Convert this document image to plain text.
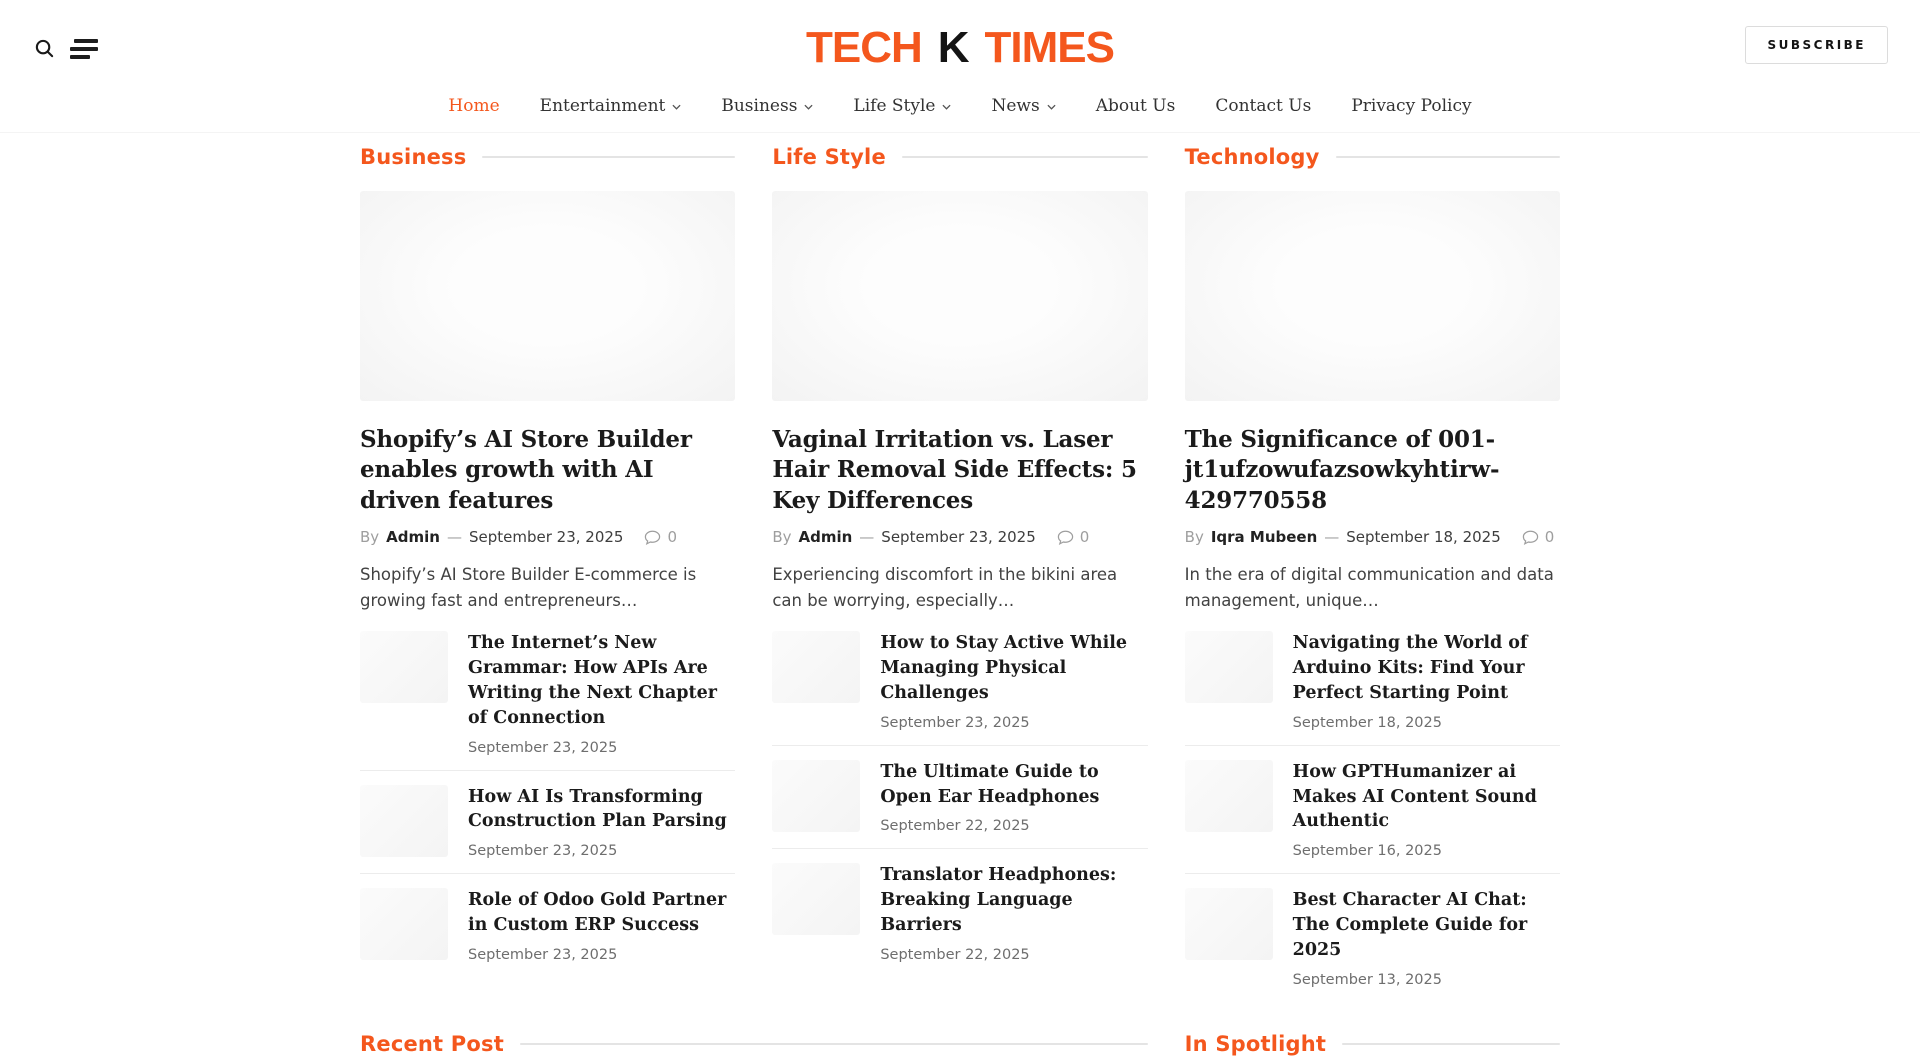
TECH K TIMES	SUBSCRIBE
Home Entertainment	Business	Life Style	News	About Us Contact Us Privacy Policy
Business
Shopify’s AI Store Builder enables growth with AI driven features
By Admin — September 23, 2025	0

Shopify’s AI Store Builder E-commerce is growing fast and entrepreneurs…

The Internet’s New Grammar: How APIs Are Writing the Next Chapter of Connection
September 23, 2025
How AI Is Transforming Construction Plan Parsing
September 23, 2025
Role of Odoo Gold Partner in Custom ERP Success
September 23, 2025
Life Style
Vaginal Irritation vs. Laser Hair Removal Side Effects: 5 Key Differences
By Admin — September 23, 2025	0

Experiencing discomfort in the bikini area can be worrying, especially…

How to Stay Active While Managing Physical Challenges
September 23, 2025
The Ultimate Guide to Open Ear Headphones
September 22, 2025
Translator Headphones: Breaking Language Barriers
September 22, 2025
Technology
The Significance of 001-jt1ufzowufazsowkyhtirw-429770558
By Iqra Mubeen — September 18, 2025	0

In the era of digital communication and data management, unique…

Navigating the World of Arduino Kits: Find Your Perfect Starting Point
September 18, 2025
How GPTHumanizer ai Makes AI Content Sound Authentic
September 16, 2025
Best Character AI Chat: The Complete Guide for 2025
September 13, 2025
Recent Post	In Spotlight
